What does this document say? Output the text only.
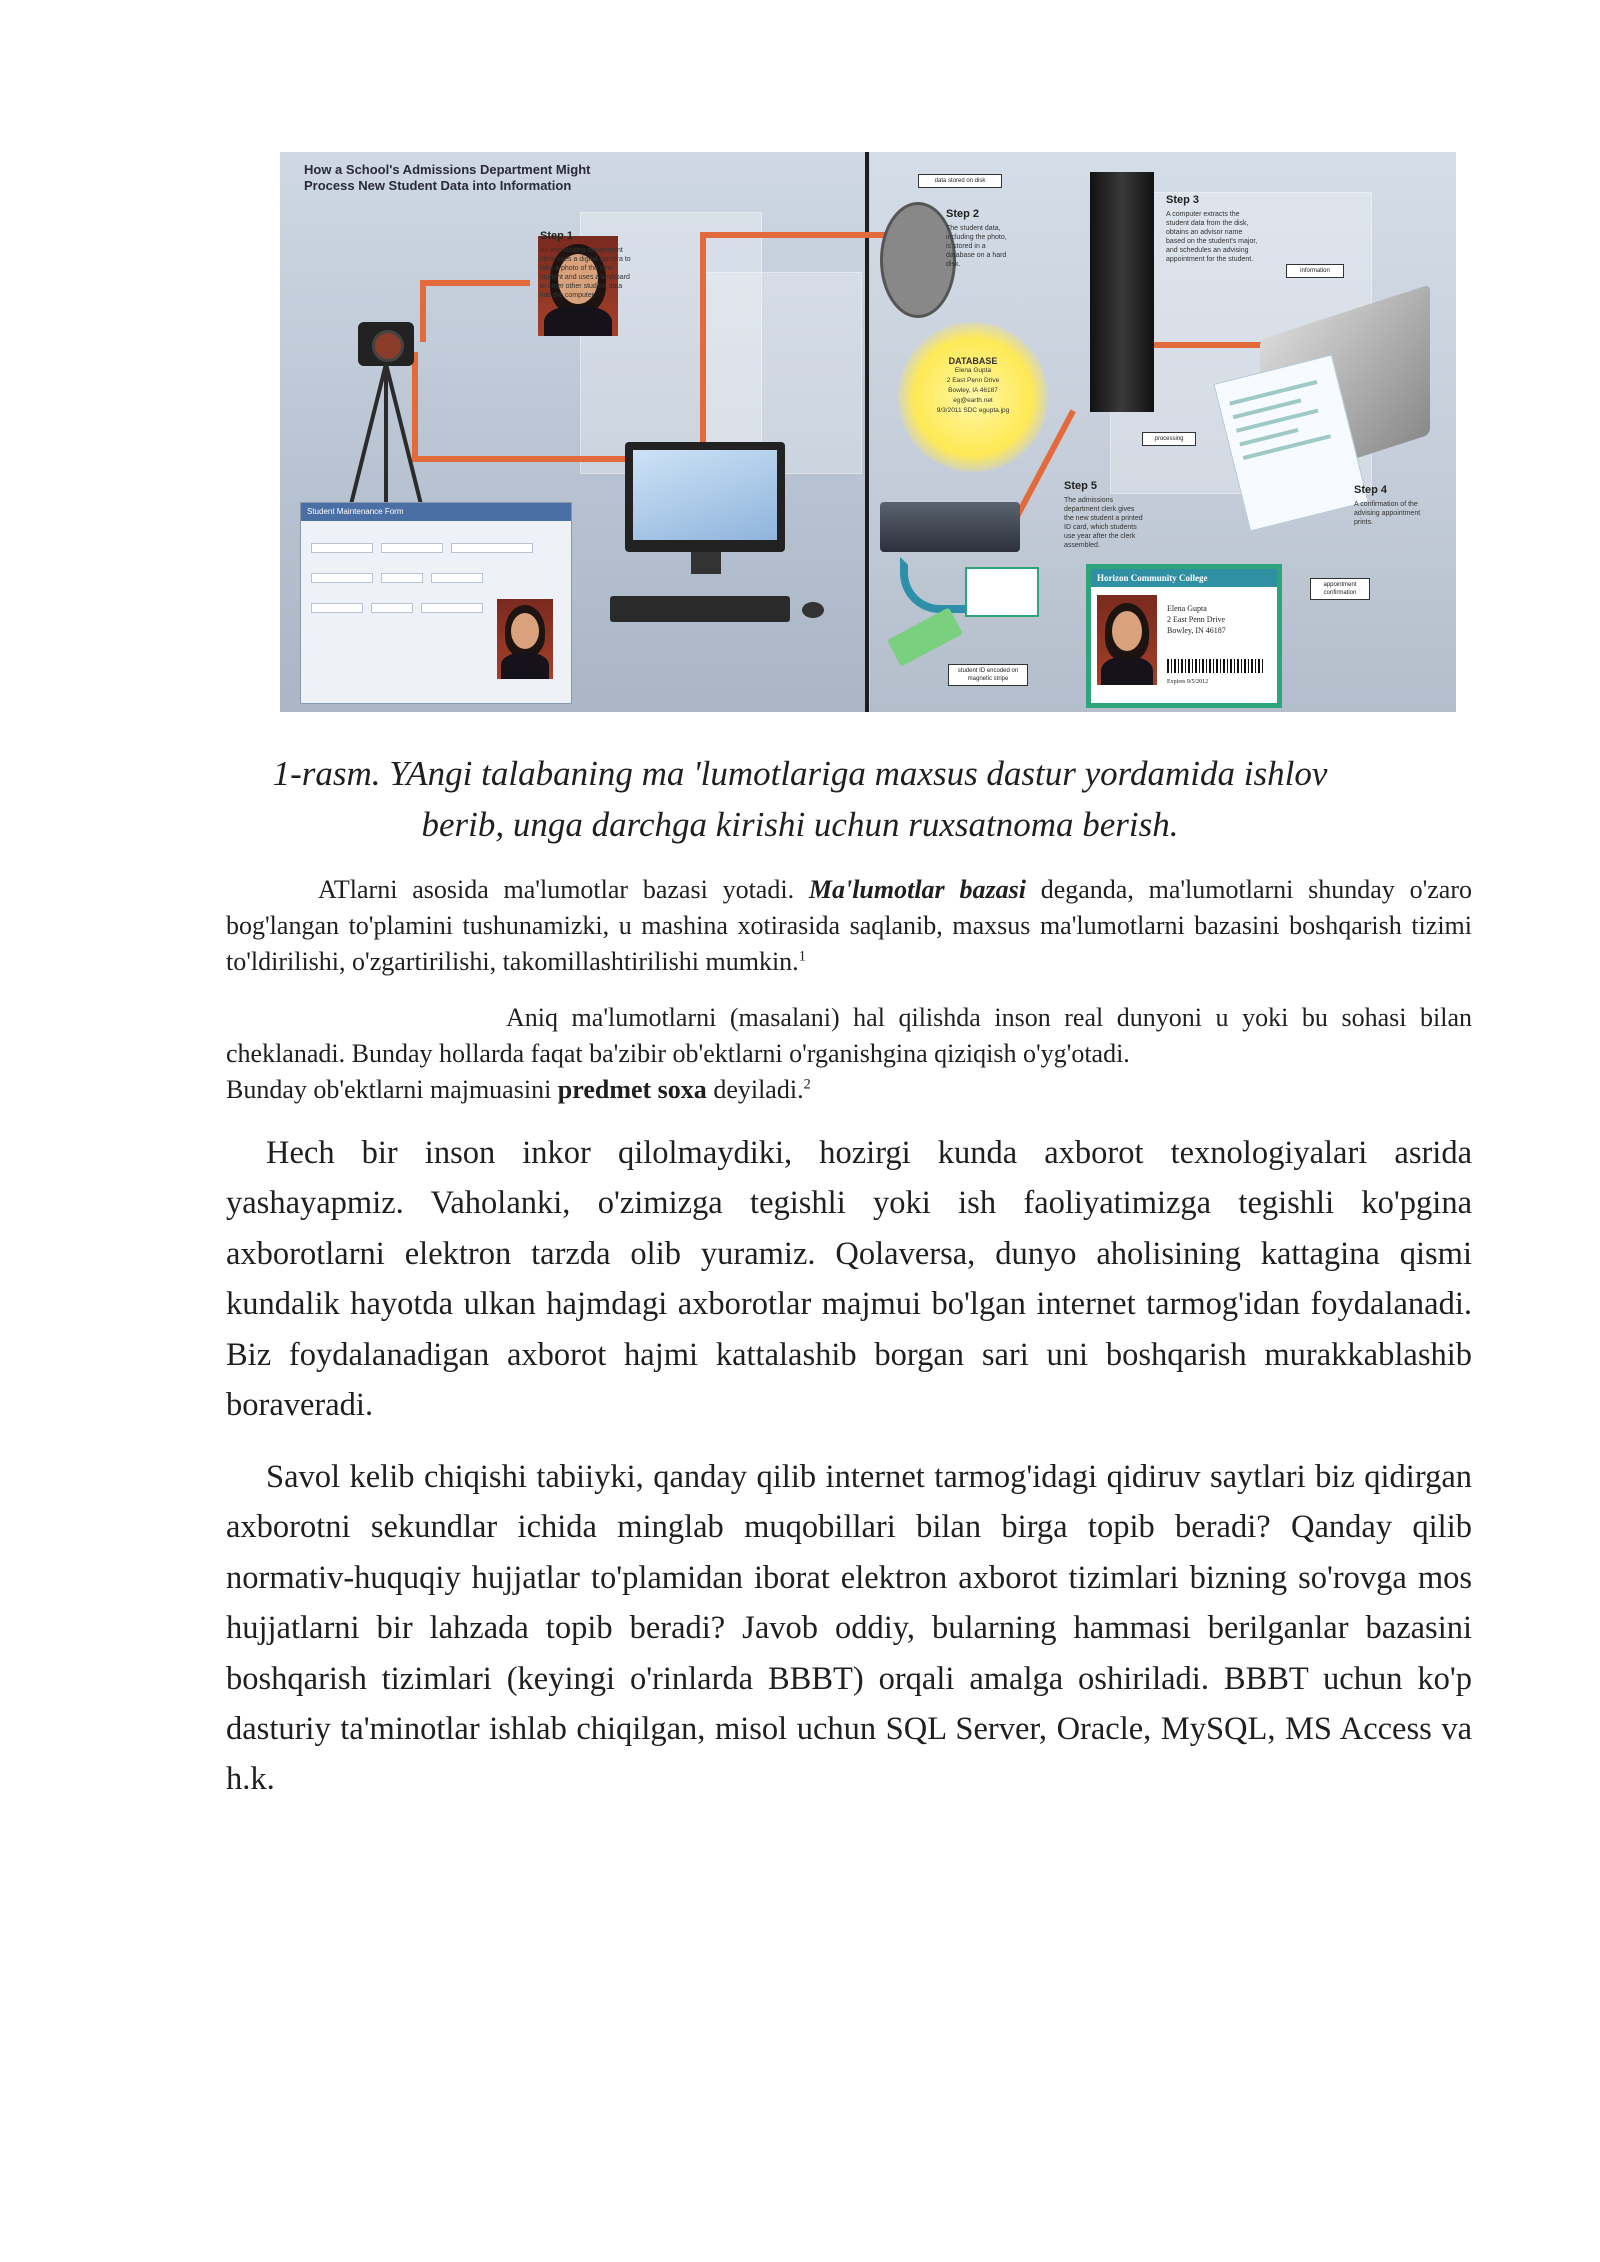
How a School's Admissions Department Might Process New Student Data into Information
Step 1
An admissions department clerk uses a digital camera to take a photo of the new student and uses a keyboard to enter other student data into the computer.
Student Maintenance Form
data stored on disk
Step 2
The student data, including the photo, is stored in a database on a hard disk.
DATABASE
Elena Gupta
2 East Penn Drive
Bowley, IA 46187
eg@earth.net
9/3/2011 SDC egupta.jpg
Step 3
A computer extracts the student data from the disk, obtains an advisor name based on the student's major, and schedules an advising appointment for the student.
information
processing
Step 4
A confirmation of the advising appointment prints.
appointment confirmation
Step 5
The admissions department clerk gives the new student a printed ID card, which students use year after the clerk assembled.
student ID encoded on magnetic stripe
Horizon Community College
Elena Gupta
2 East Penn Drive
Bowley, IN 46187
Expires 9/5/2012
1-rasm. YAngi talabaning ma 'lumotlariga maxsus dastur yordamida ishlov
berib, unga darchga kirishi uchun ruxsatnoma berish.

ATlarni asosida ma'lumotlar bazasi yotadi. Ma'lumotlar bazasi deganda, ma'lumotlarni shunday o'zaro bog'langan to'plamini tushunamizki, u mashina xotirasida saqlanib, maxsus ma'lumotlarni bazasini boshqarish tizimi to'ldirilishi, o'zgartirilishi, takomillashtirilishi mumkin.$^1$

Aniq ma'lumotlarni (masalani) hal qilishda inson real dunyoni u yoki bu sohasi bilan cheklanadi. Bunday hollarda faqat ba'zibir ob'ektlarni o'rganishgina qiziqish o'yg'otadi.
Bunday ob'ektlarni majmuasini predmet soxa deyiladi.$^2$

Hech bir inson inkor qilolmaydiki, hozirgi kunda axborot texnologiyalari asrida yashayapmiz. Vaholanki, o'zimizga tegishli yoki ish faoliyatimizga tegishli ko'pgina axborotlarni elektron tarzda olib yuramiz. Qolaversa, dunyo aholisining kattagina qismi kundalik hayotda ulkan hajmdagi axborotlar majmui bo'lgan internet tarmog'idan foydalanadi. Biz foydalanadigan axborot hajmi kattalashib borgan sari uni boshqarish murakkablashib boraveradi.

Savol kelib chiqishi tabiiyki, qanday qilib internet tarmog'idagi qidiruv saytlari biz qidirgan axborotni sekundlar ichida minglab muqobillari bilan birga topib beradi? Qanday qilib normativ-huquqiy hujjatlar to'plamidan iborat elektron axborot tizimlari bizning so'rovga mos hujjatlarni bir lahzada topib beradi? Javob oddiy, bularning hammasi berilganlar bazasini boshqarish tizimlari (keyingi o'rinlarda BBBT) orqali amalga oshiriladi. BBBT uchun ko'p dasturiy ta'minotlar ishlab chiqilgan, misol uchun SQL Server, Oracle, MySQL, MS Access va h.k.
